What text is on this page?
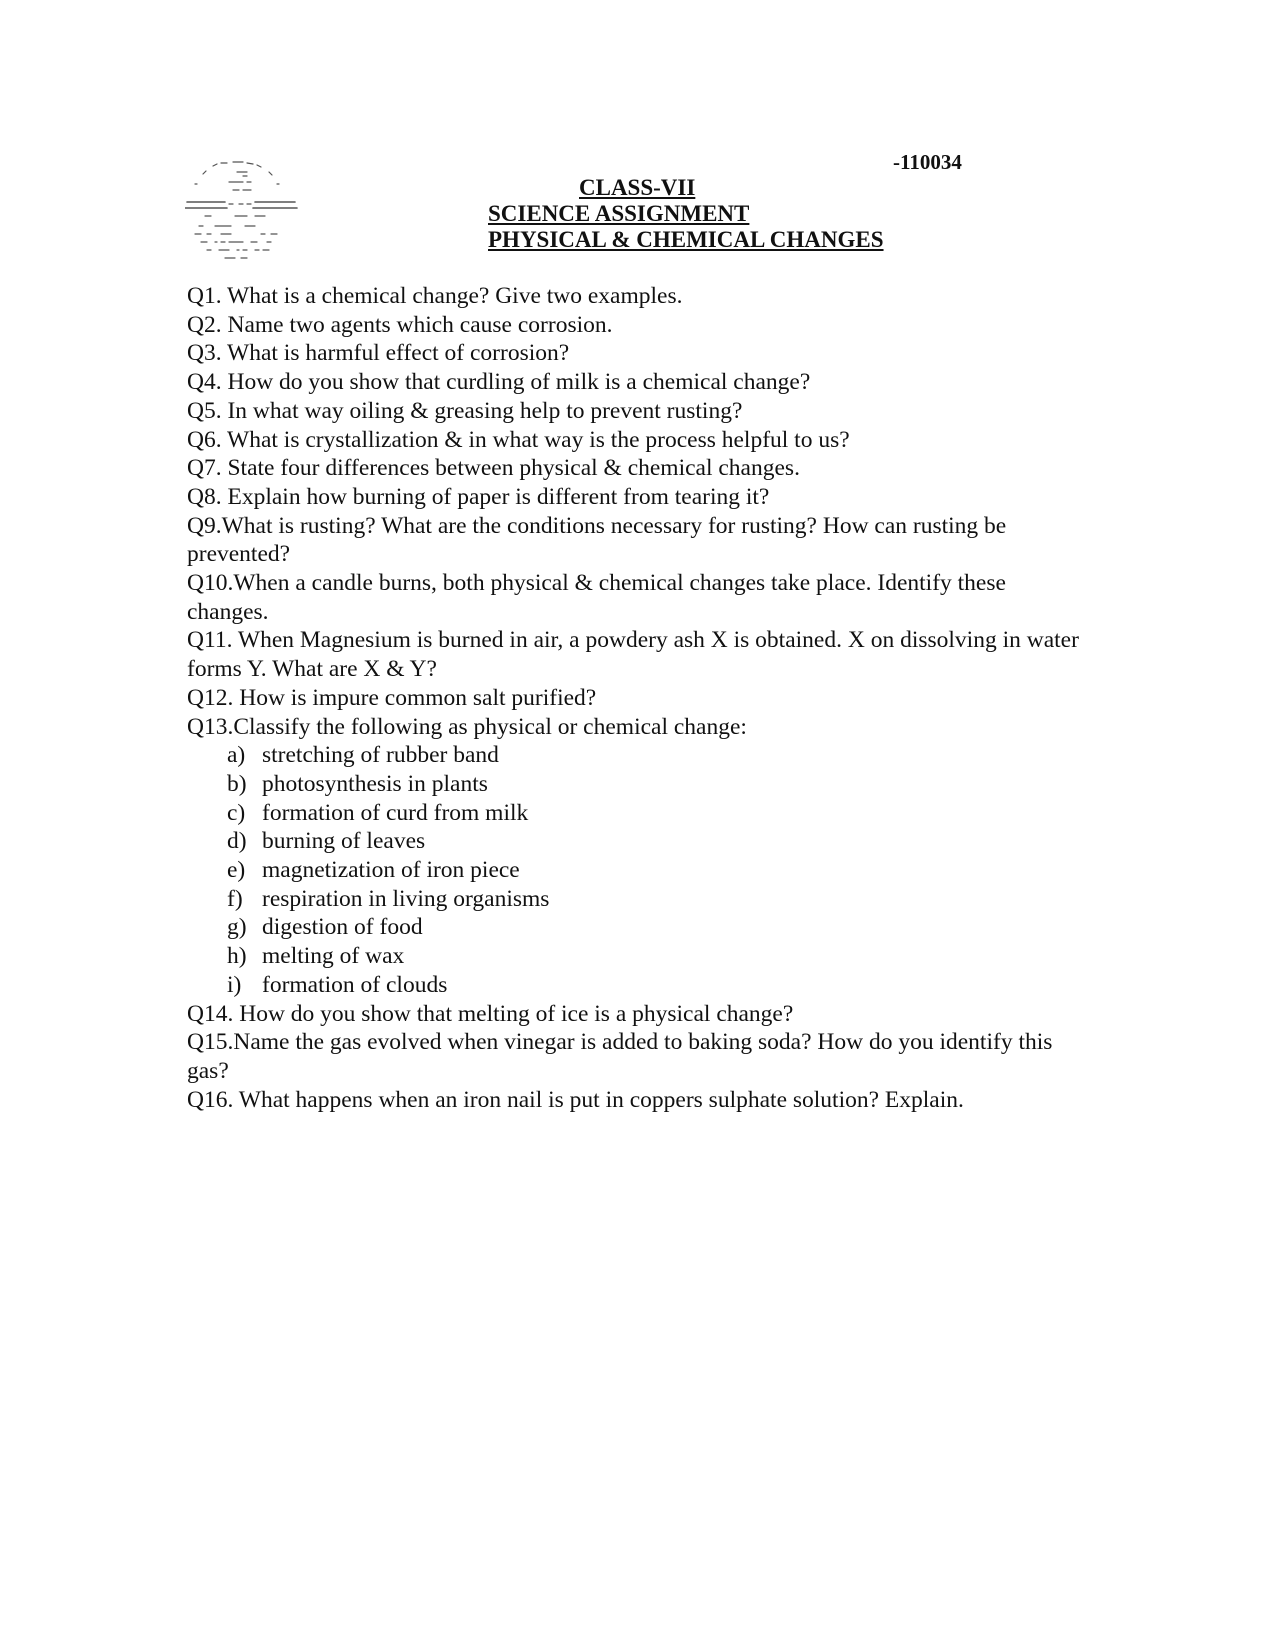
-110034
CLASS-VII
SCIENCE ASSIGNMENT
PHYSICAL & CHEMICAL CHANGES

Q1. What is a chemical change? Give two examples.

Q2. Name two agents which cause corrosion.

Q3. What is harmful effect of corrosion?

Q4. How do you show that curdling of milk is a chemical change?

Q5. In what way oiling & greasing help to prevent rusting?

Q6. What is crystallization & in what way is the process helpful to us?

Q7. State four differences between physical & chemical changes.

Q8. Explain how burning of paper is different from tearing it?

Q9.What is rusting? What are the conditions necessary for rusting? How can rusting be prevented?

Q10.When a candle burns, both physical & chemical changes take place. Identify these changes.

Q11. When Magnesium is burned in air, a powdery ash X is obtained. X on dissolving in water forms Y. What are X & Y?

Q12. How is impure common salt purified?

Q13.Classify the following as physical or chemical change:

a) stretching of rubber band
b) photosynthesis in plants
c) formation of curd from milk
d) burning of leaves
e) magnetization of iron piece
f) respiration in living organisms
g) digestion of food
h) melting of wax
i) formation of clouds

Q14. How do you show that melting of ice is a physical change?

Q15.Name the gas evolved when vinegar is added to baking soda? How do you identify this gas?

Q16. What happens when an iron nail is put in coppers sulphate solution? Explain.
